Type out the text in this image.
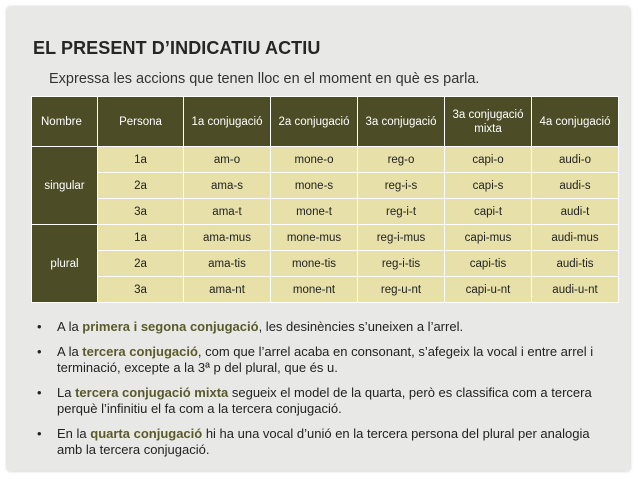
EL PRESENT D’INDICATIU ACTIU
Expressa les accions que tenen lloc en el moment en què es parla.
Nombre	Persona	1a conjugació	2a conjugació	3a conjugació	3a conjugació mixta	4a conjugació
singular	1a	am-o	mone-o	reg-o	capi-o	audi-o
	2a	ama-s	mone-s	reg-i-s	capi-s	audi-s
	3a	ama-t	mone-t	reg-i-t	capi-t	audi-t
plural	1a	ama-mus	mone-mus	reg-i-mus	capi-mus	audi-mus
	2a	ama-tis	mone-tis	reg-i-tis	capi-tis	audi-tis
	3a	ama-nt	mone-nt	reg-u-nt	capi-u-nt	audi-u-nt
• A la primera i segona conjugació, les desinències s’uneixen a l’arrel.
• A la tercera conjugació, com que l’arrel acaba en consonant, s’afegeix la vocal i entre arrel i terminació, excepte a la 3ª p del plural, que és u.
• La tercera conjugació mixta segueix el model de la quarta, però es classifica com a tercera perquè l’infinitiu el fa com a la tercera conjugació.
• En la quarta conjugació hi ha una vocal d’unió en la tercera persona del plural per analogia amb la tercera conjugació.
